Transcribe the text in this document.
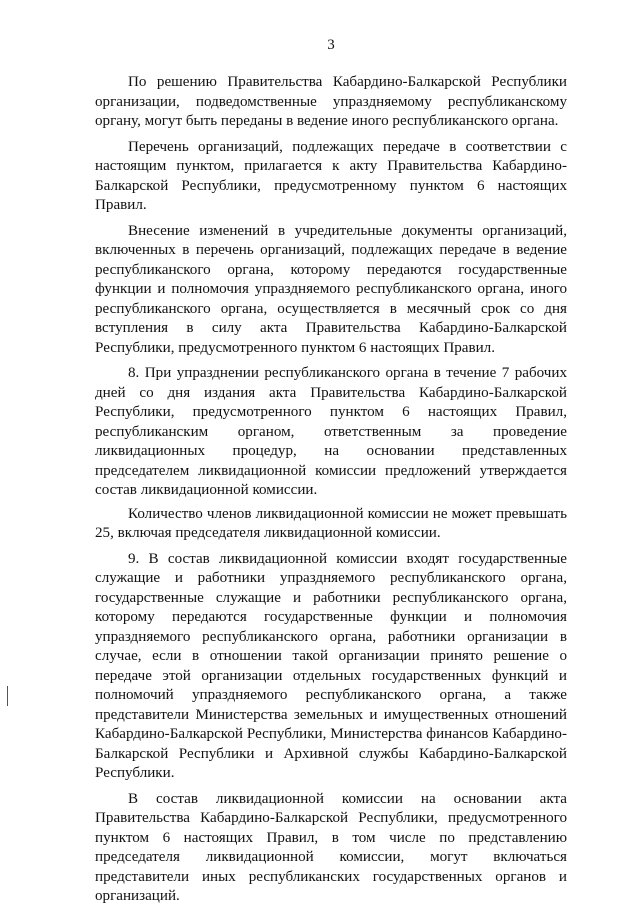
3

По решению Правительства Кабардино-Балкарской Республики организации, подведомственные упраздняемому республиканскому органу, могут быть переданы в ведение иного республиканского органа.

Перечень организаций, подлежащих передаче в соответствии с настоящим пунктом, прилагается к акту Правительства Кабардино-Балкарской Республики, предусмотренному пунктом 6 настоящих Правил.

Внесение изменений в учредительные документы организаций, включенных в перечень организаций, подлежащих передаче в ведение республиканского органа, которому передаются государственные функции и полномочия упраздняемого республиканского органа, иного республиканского органа, осуществляется в месячный срок со дня вступления в силу акта Правительства Кабардино-Балкарской Республики, предусмотренного пунктом 6 настоящих Правил.

8. При упразднении республиканского органа в течение 7 рабочих дней со дня издания акта Правительства Кабардино-Балкарской Республики, предусмотренного пунктом 6 настоящих Правил, республиканским органом, ответственным за проведение ликвидационных процедур, на основании представленных председателем ликвидационной комиссии предложений утверждается состав ликвидационной комиссии.

Количество членов ликвидационной комиссии не может превышать 25, включая председателя ликвидационной комиссии.

9. В состав ликвидационной комиссии входят государственные служащие и работники упраздняемого республиканского органа, государственные служащие и работники республиканского органа, которому передаются государственные функции и полномочия упраздняемого республиканского органа, работники организации в случае, если в отношении такой организации принято решение о передаче этой организации отдельных государственных функций и полномочий упраздняемого республиканского органа, а также представители Министерства земельных и имущественных отношений Кабардино-Балкарской Республики, Министерства финансов Кабардино-Балкарской Республики и Архивной службы Кабардино-Балкарской Республики.

В состав ликвидационной комиссии на основании акта Правительства Кабардино-Балкарской Республики, предусмотренного пунктом 6 настоящих Правил, в том числе по представлению председателя ликвидационной комиссии, могут включаться представители иных республиканских государственных органов и организаций.
